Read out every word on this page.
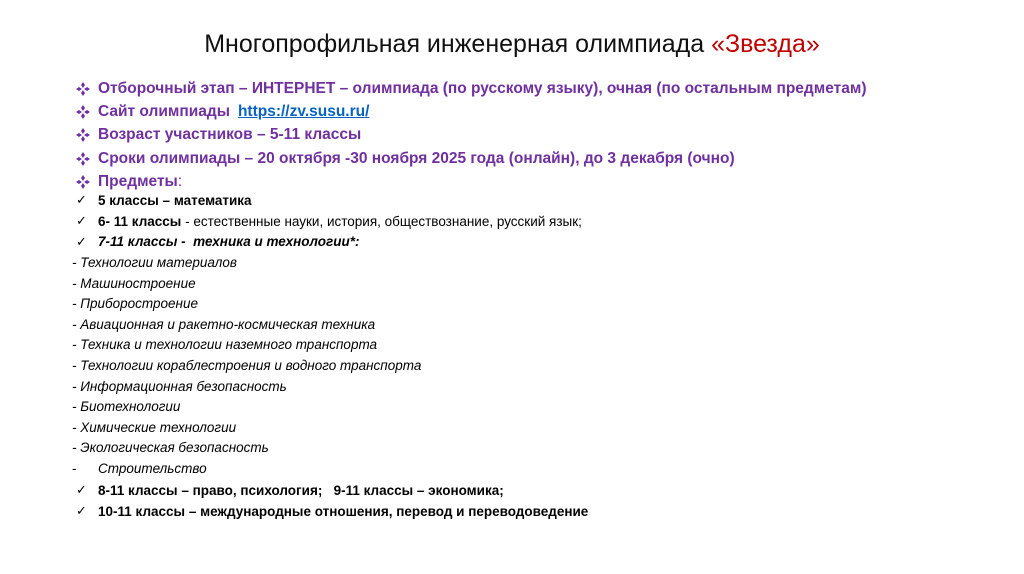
Многопрофильная инженерная олимпиада «Звезда»
Отборочный этап – ИНТЕРНЕТ – олимпиада (по русскому языку), очная (по остальным предметам)
Сайт олимпиады https://zv.susu.ru/
Возраст участников – 5-11 классы
Сроки олимпиады – 20 октября -30 ноября 2025 года (онлайн), до 3 декабря (очно)
Предметы :
✓ 5 классы – математика
✓ 6- 11 классы - естественные науки, история, обществознание, русский язык;
✓ 7-11 классы -  техника и технологии*:
- Технологии материалов
- Машиностроение
- Приборостроение
- Авиационная и ракетно-космическая техника
- Техника и технологии наземного транспорта
- Технологии кораблестроения и водного транспорта
- Информационная безопасность
- Биотехнологии
- Химические технологии
- Экологическая безопасность
- Строительство
✓ 8-11 классы – право, психология;   9-11 классы – экономика;
✓ 10-11 классы – международные отношения, перевод и переводоведение
